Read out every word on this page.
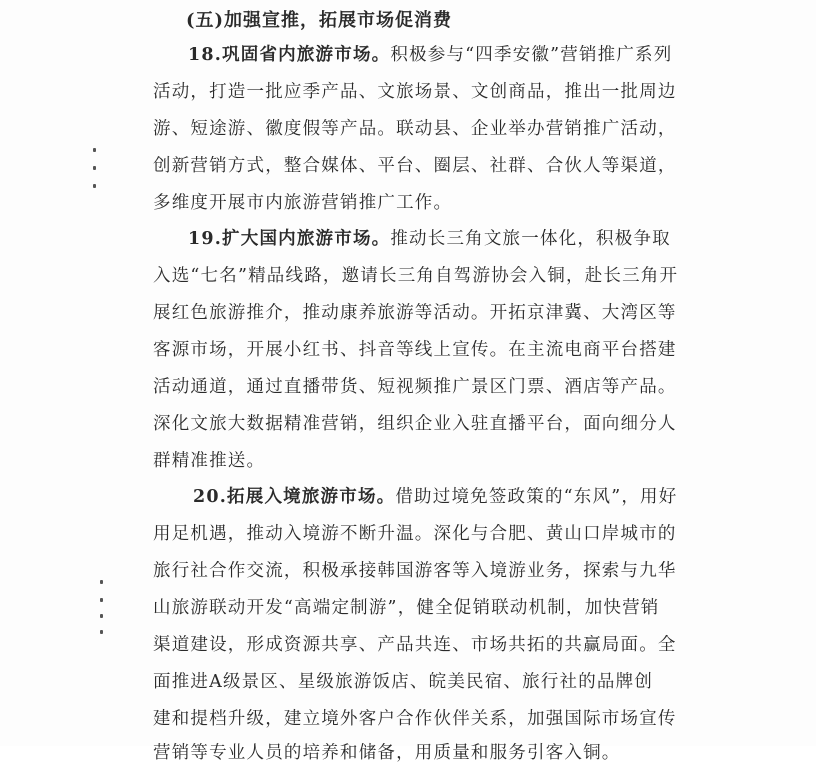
(五)加强宣推，拓展市场促消费
18.巩固省内旅游市场。积极参与“四季安徽”营销推广系列
活动，打造一批应季产品、文旅场景、文创商品，推出一批周边
游、短途游、徽度假等产品。联动县、企业举办营销推广活动，
创新营销方式，整合媒体、平台、圈层、社群、合伙人等渠道，
多维度开展市内旅游营销推广工作。
19.扩大国内旅游市场。推动长三角文旅一体化，积极争取
入选“七名”精品线路，邀请长三角自驾游协会入铜，赴长三角开
展红色旅游推介，推动康养旅游等活动。开拓京津冀、大湾区等
客源市场，开展小红书、抖音等线上宣传。在主流电商平台搭建
活动通道，通过直播带货、短视频推广景区门票、酒店等产品。
深化文旅大数据精准营销，组织企业入驻直播平台，面向细分人
群精准推送。
20.拓展入境旅游市场。借助过境免签政策的“东风”，用好
用足机遇，推动入境游不断升温。深化与合肥、黄山口岸城市的
旅行社合作交流，积极承接韩国游客等入境游业务，探索与九华
山旅游联动开发“高端定制游”，健全促销联动机制，加快营销
渠道建设，形成资源共享、产品共连、市场共拓的共赢局面。全
面推进A级景区、星级旅游饭店、皖美民宿、旅行社的品牌创
建和提档升级，建立境外客户合作伙伴关系，加强国际市场宣传
营销等专业人员的培养和储备，用质量和服务引客入铜。
